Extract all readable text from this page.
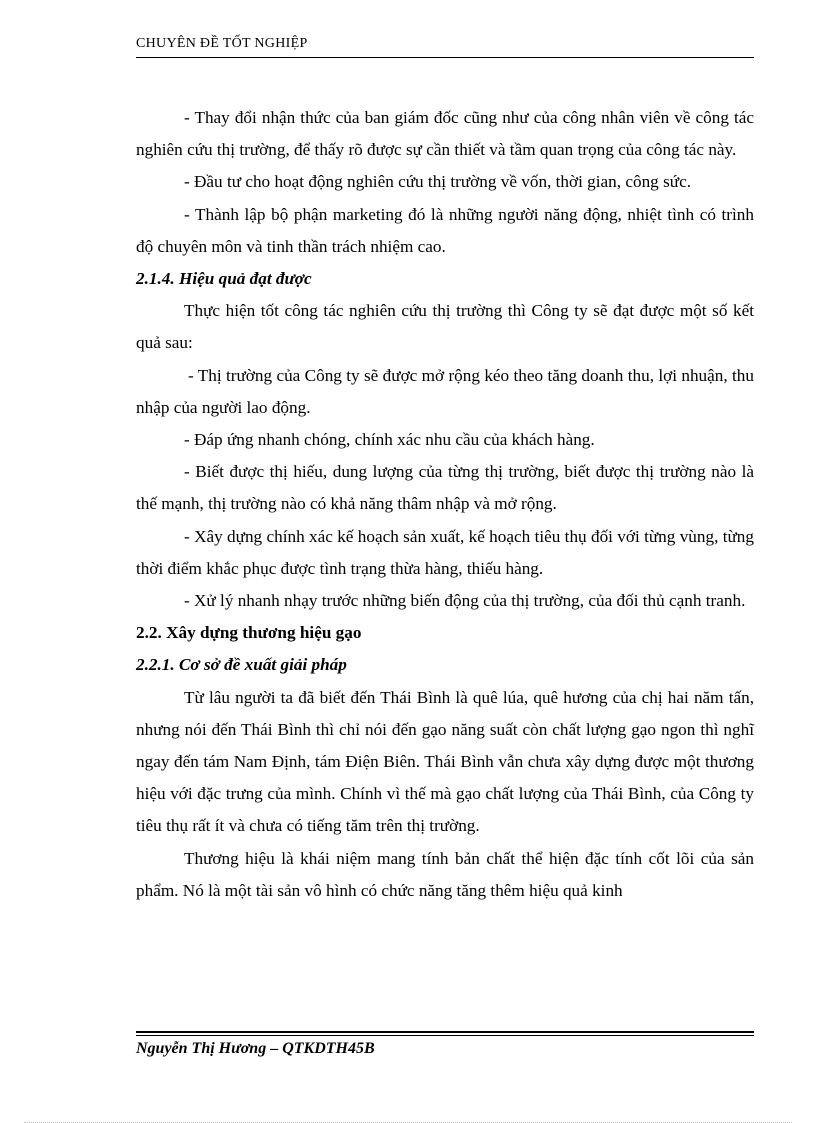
CHUYÊN ĐỀ TỐT NGHIỆP

- Thay đổi nhận thức của ban giám đốc cũng như của công nhân viên về công tác nghiên cứu thị trường, để thấy rõ được sự cần thiết và tầm quan trọng của công tác này.

- Đầu tư cho hoạt động nghiên cứu thị trường về vốn, thời gian, công sức.

- Thành lập bộ phận marketing đó là những người năng động, nhiệt tình có trình độ chuyên môn và tinh thần trách nhiệm cao.

2.1.4. Hiệu quả đạt được

Thực hiện tốt công tác nghiên cứu thị trường thì Công ty sẽ đạt được một số kết quả sau:

- Thị trường của Công ty sẽ được mở rộng kéo theo tăng doanh thu, lợi nhuận, thu nhập của người lao động.

- Đáp ứng nhanh chóng, chính xác nhu cầu của khách hàng.

- Biết được thị hiếu, dung lượng của từng thị trường, biết được thị trường nào là thế mạnh, thị trường nào có khả năng thâm nhập và mở rộng.

- Xây dựng chính xác kế hoạch sản xuất, kế hoạch tiêu thụ đối với từng vùng, từng thời điểm khắc phục được tình trạng thừa hàng, thiếu hàng.

- Xử lý nhanh nhạy trước những biến động của thị trường, của đối thủ cạnh tranh.

2.2. Xây dựng thương hiệu gạo

2.2.1. Cơ sở đề xuất giải pháp

Từ lâu người ta đã biết đến Thái Bình là quê lúa, quê hương của chị hai năm tấn, nhưng nói đến Thái Bình thì chỉ nói đến gạo năng suất còn chất lượng gạo ngon thì nghĩ ngay đến tám Nam Định, tám Điện Biên. Thái Bình vẫn chưa xây dựng được một thương hiệu với đặc trưng của mình. Chính vì thế mà gạo chất lượng của Thái Bình, của Công ty tiêu thụ rất ít và chưa có tiếng tăm trên thị trường.

Thương hiệu là khái niệm mang tính bản chất thể hiện đặc tính cốt lõi của sản phẩm. Nó là một tài sản vô hình có chức năng tăng thêm hiệu quả kinh

Nguyễn Thị Hương – QTKDTH45B
